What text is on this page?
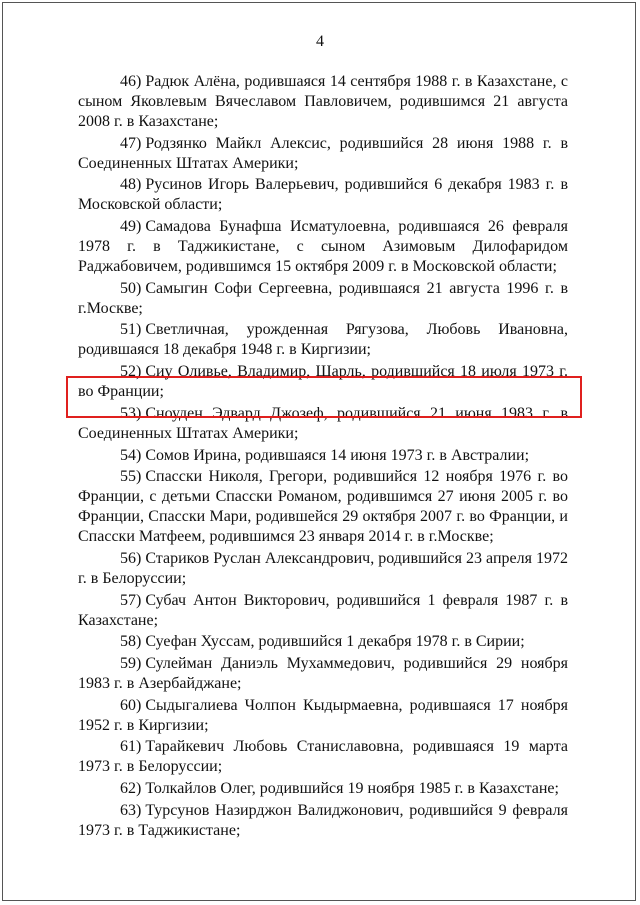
4

46) Радюк Алёна, родившаяся 14 сентября 1988 г. в Казахстане, с сыном Яковлевым Вячеславом Павловичем, родившимся 21 августа 2008 г. в Казахстане;

47) Родзянко Майкл Алексис, родившийся 28 июня 1988 г. в Соединенных Штатах Америки;

48) Русинов Игорь Валерьевич, родившийся 6 декабря 1983 г. в Московской области;

49) Самадова Бунафша Исматулоевна, родившаяся 26 февраля 1978 г. в Таджикистане, с сыном Азимовым Дилофаридом Раджабовичем, родившимся 15 октября 2009 г. в Московской области;

50) Самыгин Софи Сергеевна, родившаяся 21 августа 1996 г. в г.Москве;

51) Светличная, урожденная Рягузова, Любовь Ивановна, родившаяся 18 декабря 1948 г. в Киргизии;

52) Сиу Оливье, Владимир, Шарль, родившийся 18 июля 1973 г. во Франции;

53) Сноуден Эдвард Джозеф, родившийся 21 июня 1983 г. в Соединенных Штатах Америки;

54) Сомов Ирина, родившаяся 14 июня 1973 г. в Австралии;

55) Спасски Николя, Грегори, родившийся 12 ноября 1976 г. во Франции, с детьми Спасски Романом, родившимся 27 июня 2005 г. во Франции, Спасски Мари, родившейся 29 октября 2007 г. во Франции, и Спасски Матфеем, родившимся 23 января 2014 г. в г.Москве;

56) Стариков Руслан Александрович, родившийся 23 апреля 1972 г. в Белоруссии;

57) Субач Антон Викторович, родившийся 1 февраля 1987 г. в Казахстане;

58) Суефан Хуссам, родившийся 1 декабря 1978 г. в Сирии;

59) Сулейман Даниэль Мухаммедович, родившийся 29 ноября 1983 г. в Азербайджане;

60) Сыдыгалиева Чолпон Кыдырмаевна, родившаяся 17 ноября 1952 г. в Киргизии;

61) Тарайкевич Любовь Станиславовна, родившаяся 19 марта 1973 г. в Белоруссии;

62) Толкайлов Олег, родившийся 19 ноября 1985 г. в Казахстане;

63) Турсунов Назирджон Валиджонович, родившийся 9 февраля 1973 г. в Таджикистане;
